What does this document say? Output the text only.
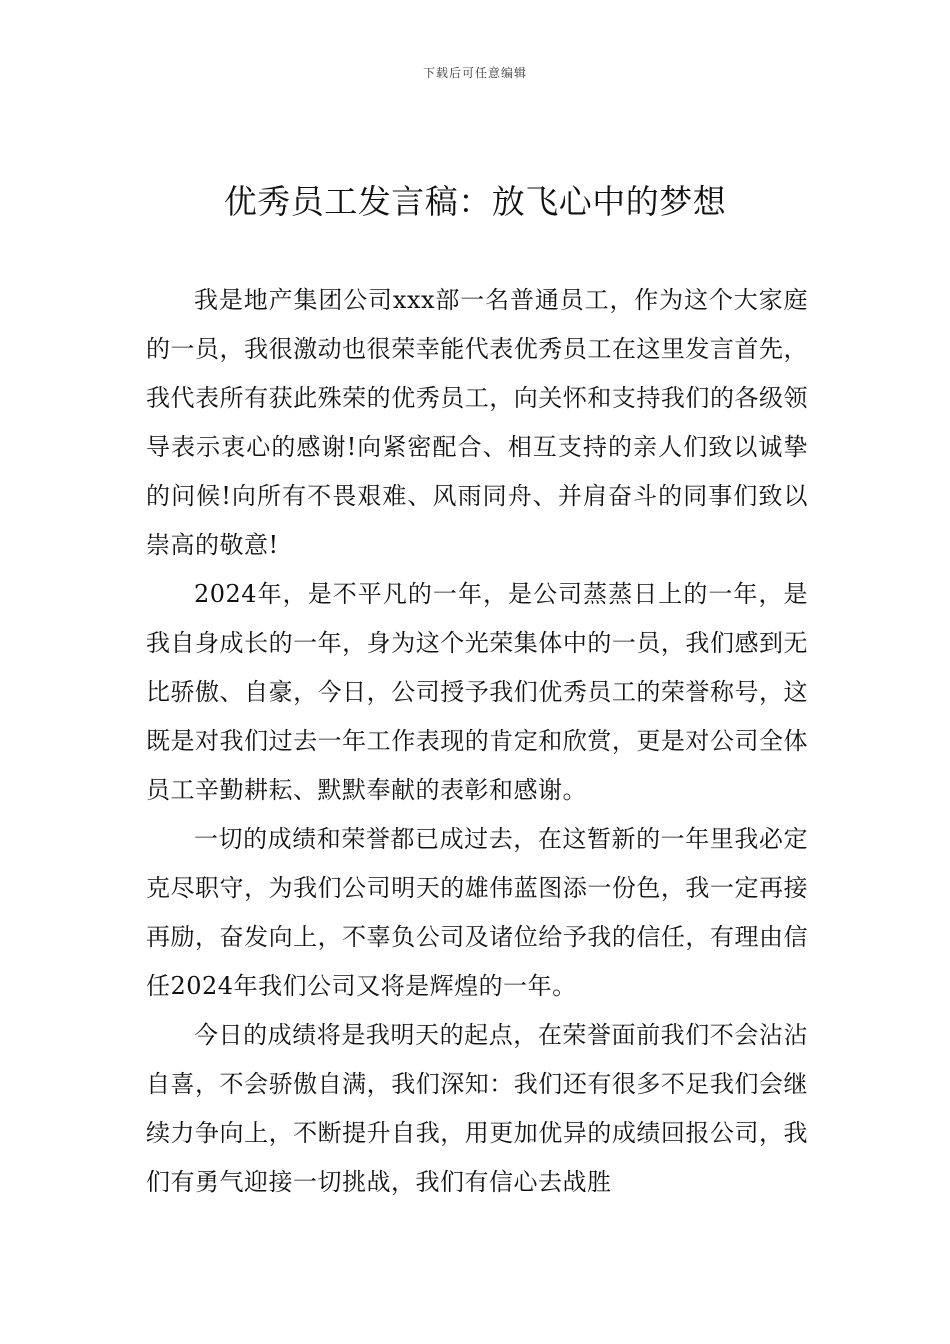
下载后可任意编辑
优秀员工发言稿：放飞心中的梦想

我是地产集团公司xxx部一名普通员工，作为这个大家庭的一员，我很激动也很荣幸能代表优秀员工在这里发言首先，我代表所有获此殊荣的优秀员工，向关怀和支持我们的各级领导表示衷心的感谢!向紧密配合、相互支持的亲人们致以诚挚的问候!向所有不畏艰难、风雨同舟、并肩奋斗的同事们致以崇高的敬意!

2024年，是不平凡的一年，是公司蒸蒸日上的一年，是我自身成长的一年，身为这个光荣集体中的一员，我们感到无比骄傲、自豪，今日，公司授予我们优秀员工的荣誉称号，这既是对我们过去一年工作表现的肯定和欣赏，更是对公司全体员工辛勤耕耘、默默奉献的表彰和感谢。

一切的成绩和荣誉都已成过去，在这暂新的一年里我必定克尽职守，为我们公司明天的雄伟蓝图添一份色，我一定再接再励，奋发向上，不辜负公司及诸位给予我的信任，有理由信任2024年我们公司又将是辉煌的一年。

今日的成绩将是我明天的起点，在荣誉面前我们不会沾沾自喜，不会骄傲自满，我们深知：我们还有很多不足我们会继续力争向上，不断提升自我，用更加优异的成绩回报公司，我们有勇气迎接一切挑战，我们有信心去战胜
